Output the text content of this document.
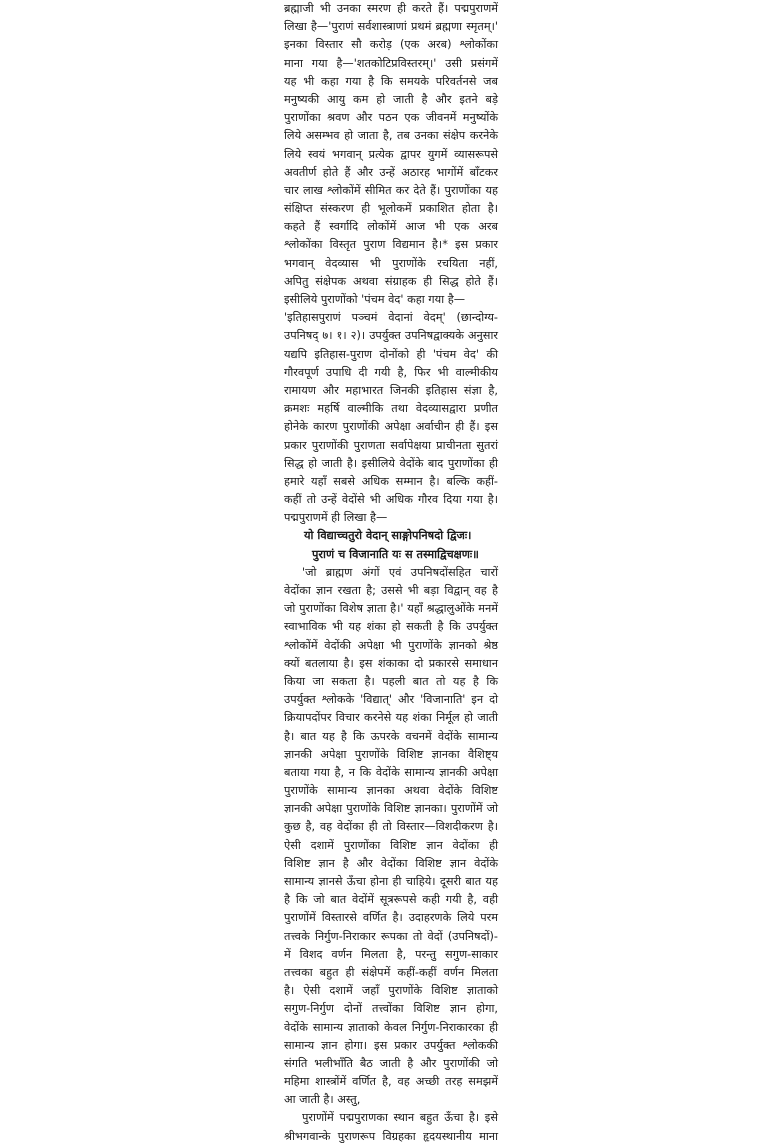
ब्रह्माजी भी उनका स्मरण ही करते हैं। पद्मपुराणमें
लिखा है—'पुराणं सर्वशास्त्राणां प्रथमं ब्रह्मणा स्मृतम्।'
इनका विस्तार सौ करोड़ (एक अरब) श्लोकोंका
माना गया है—'शतकोटिप्रविस्तरम्।' उसी प्रसंगमें
यह भी कहा गया है कि समयके परिवर्तनसे जब
मनुष्यकी आयु कम हो जाती है और इतने बड़े
पुराणोंका श्रवण और पठन एक जीवनमें मनुष्योंके
लिये असम्भव हो जाता है, तब उनका संक्षेप करनेके
लिये स्वयं भगवान् प्रत्येक द्वापर युगमें व्यासरूपसे
अवतीर्ण होते हैं और उन्हें अठारह भागोंमें बाँटकर
चार लाख श्लोकोंमें सीमित कर देते हैं। पुराणोंका यह
संक्षिप्त संस्करण ही भूलोकमें प्रकाशित होता है।
कहते हैं स्वर्गादि लोकोंमें आज भी एक अरब
श्लोकोंका विस्तृत पुराण विद्यमान है।* इस प्रकार
भगवान् वेदव्यास भी पुराणोंके रचयिता नहीं,
अपितु संक्षेपक अथवा संग्राहक ही सिद्ध होते हैं।
इसीलिये पुराणोंको 'पंचम वेद' कहा गया है—
'इतिहासपुराणं पञ्चमं वेदानां वेदम्' (छान्दोग्य-
उपनिषद् ७। १। २)। उपर्युक्त उपनिषद्वाक्यके अनुसार
यद्यपि इतिहास-पुराण दोनोंको ही 'पंचम वेद' की
गौरवपूर्ण उपाधि दी गयी है, फिर भी वाल्मीकीय
रामायण और महाभारत जिनकी इतिहास संज्ञा है,
क्रमशः महर्षि वाल्मीकि तथा वेदव्यासद्वारा प्रणीत
होनेके कारण पुराणोंकी अपेक्षा अर्वाचीन ही हैं। इस
प्रकार पुराणोंकी पुराणता सर्वापेक्षया प्राचीनता सुतरां
सिद्ध हो जाती है। इसीलिये वेदोंके बाद पुराणोंका ही
हमारे यहाँ सबसे अधिक सम्मान है। बल्कि कहीं-
कहीं तो उन्हें वेदोंसे भी अधिक गौरव दिया गया है।
पद्मपुराणमें ही लिखा है—
यो विद्याच्चतुरो वेदान् साङ्गोपनिषदो द्विजः।
पुराणं च विजानाति यः स तस्माद्विचक्षणः॥
'जो ब्राह्मण अंगों एवं उपनिषदोंसहित चारों
वेदोंका ज्ञान रखता है; उससे भी बड़ा विद्वान् वह है
जो पुराणोंका विशेष ज्ञाता है।' यहाँ श्रद्धालुओंके मनमें
स्वाभाविक भी यह शंका हो सकती है कि उपर्युक्त
श्लोकोंमें वेदोंकी अपेक्षा भी पुराणोंके ज्ञानको श्रेष्ठ
क्यों बतलाया है। इस शंकाका दो प्रकारसे समाधान
किया जा सकता है। पहली बात तो यह है कि
उपर्युक्त श्लोकके 'विद्यात्' और 'विजानाति' इन दो
क्रियापदोंपर विचार करनेसे यह शंका निर्मूल हो जाती
है। बात यह है कि ऊपरके वचनमें वेदोंके सामान्य
ज्ञानकी अपेक्षा पुराणोंके विशिष्ट ज्ञानका वैशिष्ट्य
बताया गया है, न कि वेदोंके सामान्य ज्ञानकी अपेक्षा
पुराणोंके सामान्य ज्ञानका अथवा वेदोंके विशिष्ट
ज्ञानकी अपेक्षा पुराणोंके विशिष्ट ज्ञानका। पुराणोंमें जो
कुछ है, वह वेदोंका ही तो विस्तार—विशदीकरण है।
ऐसी दशामें पुराणोंका विशिष्ट ज्ञान वेदोंका ही
विशिष्ट ज्ञान है और वेदोंका विशिष्ट ज्ञान वेदोंके
सामान्य ज्ञानसे ऊँचा होना ही चाहिये। दूसरी बात यह
है कि जो बात वेदोंमें सूत्ररूपसे कही गयी है, वही
पुराणोंमें विस्तारसे वर्णित है। उदाहरणके लिये परम
तत्त्वके निर्गुण-निराकार रूपका तो वेदों (उपनिषदों)-
में विशद वर्णन मिलता है, परन्तु सगुण-साकार
तत्त्वका बहुत ही संक्षेपमें कहीं-कहीं वर्णन मिलता
है। ऐसी दशामें जहाँ पुराणोंके विशिष्ट ज्ञाताको
सगुण-निर्गुण दोनों तत्त्वोंका विशिष्ट ज्ञान होगा,
वेदोंके सामान्य ज्ञाताको केवल निर्गुण-निराकारका ही
सामान्य ज्ञान होगा। इस प्रकार उपर्युक्त श्लोककी
संगति भलीभाँति बैठ जाती है और पुराणोंकी जो
महिमा शास्त्रोंमें वर्णित है, वह अच्छी तरह समझमें
आ जाती है। अस्तु,
पुराणोंमें पद्मपुराणका स्थान बहुत ऊँचा है। इसे
श्रीभगवान्के पुराणरूप विग्रहका हृदयस्थानीय माना
